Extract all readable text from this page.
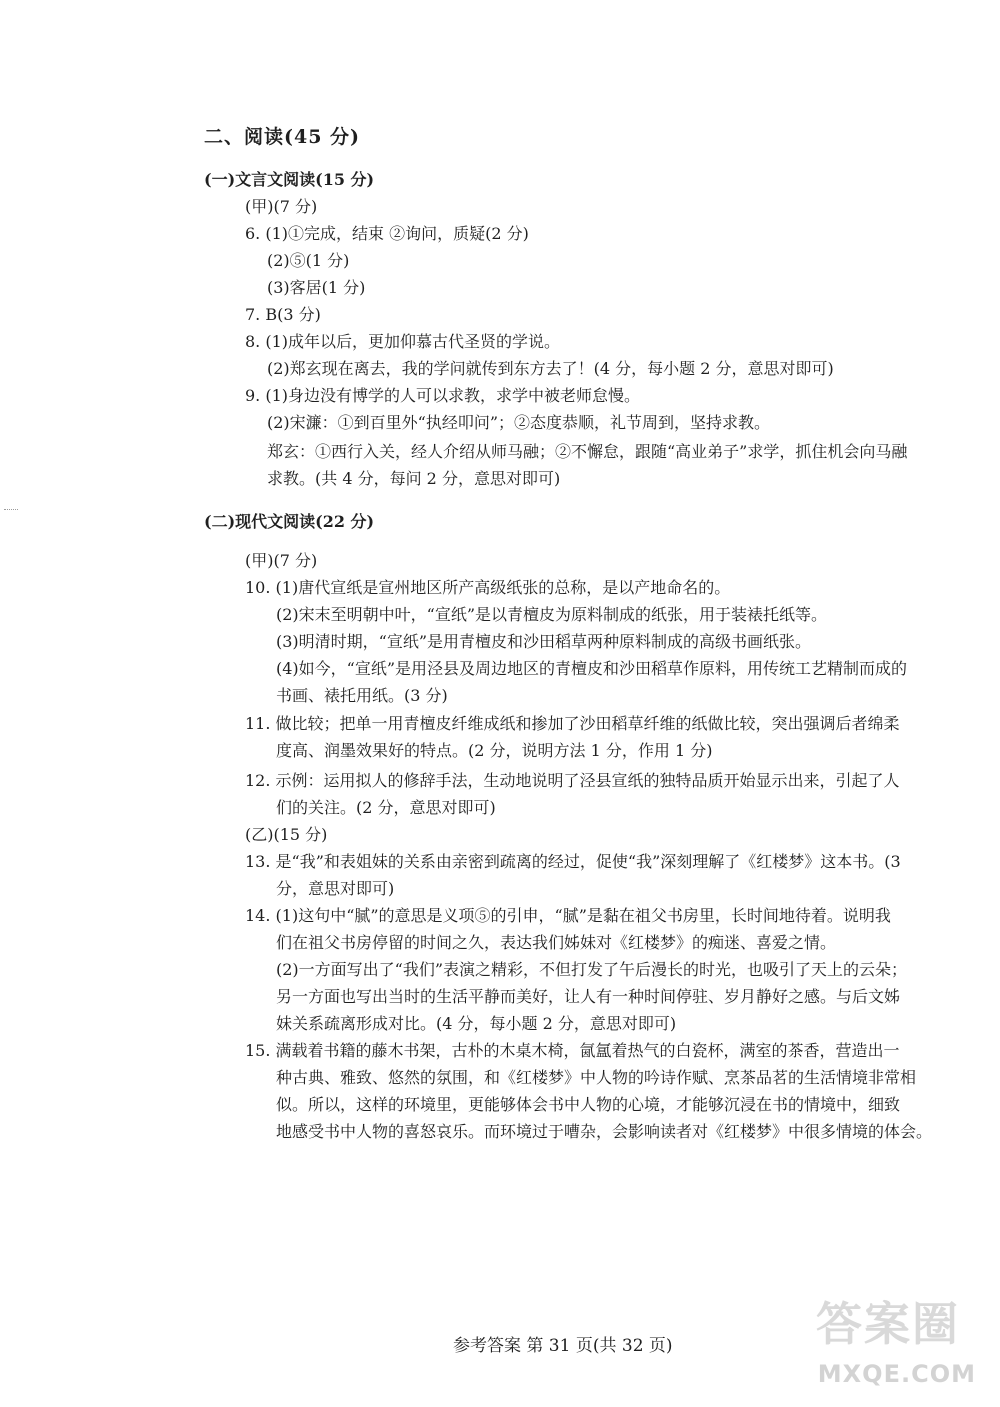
二、阅读(45 分)
(一)文言文阅读(15 分)
(甲)(7 分)
6. (1)①完成，结束 ②询问，质疑(2 分)
(2)⑤(1 分)
(3)客居(1 分)
7. B(3 分)
8. (1)成年以后，更加仰慕古代圣贤的学说。
(2)郑玄现在离去，我的学问就传到东方去了！(4 分，每小题 2 分，意思对即可)
9. (1)身边没有博学的人可以求教，求学中被老师怠慢。
(2)宋濂：①到百里外“执经叩问”；②态度恭顺，礼节周到，坚持求教。
郑玄：①西行入关，经人介绍从师马融；②不懈怠，跟随“高业弟子”求学，抓住机会向马融
求教。(共 4 分，每问 2 分，意思对即可)
(二)现代文阅读(22 分)
(甲)(7 分)
10. (1)唐代宣纸是宣州地区所产高级纸张的总称，是以产地命名的。
(2)宋末至明朝中叶，“宣纸”是以青檀皮为原料制成的纸张，用于装裱托纸等。
(3)明清时期，“宣纸”是用青檀皮和沙田稻草两种原料制成的高级书画纸张。
(4)如今，“宣纸”是用泾县及周边地区的青檀皮和沙田稻草作原料，用传统工艺精制而成的
书画、裱托用纸。(3 分)
11. 做比较；把单一用青檀皮纤维成纸和掺加了沙田稻草纤维的纸做比较，突出强调后者绵柔
度高、润墨效果好的特点。(2 分，说明方法 1 分，作用 1 分)
12. 示例：运用拟人的修辞手法，生动地说明了泾县宣纸的独特品质开始显示出来，引起了人
们的关注。(2 分，意思对即可)
(乙)(15 分)
13. 是“我”和表姐妹的关系由亲密到疏离的经过，促使“我”深刻理解了《红楼梦》这本书。(3
分，意思对即可)
14. (1)这句中“腻”的意思是义项⑤的引申，“腻”是黏在祖父书房里，长时间地待着。说明我
们在祖父书房停留的时间之久，表达我们姊妹对《红楼梦》的痴迷、喜爱之情。
(2)一方面写出了“我们”表演之精彩，不但打发了午后漫长的时光，也吸引了天上的云朵；
另一方面也写出当时的生活平静而美好，让人有一种时间停驻、岁月静好之感。与后文姊
妹关系疏离形成对比。(4 分，每小题 2 分，意思对即可)
15. 满载着书籍的藤木书架，古朴的木桌木椅，氤氲着热气的白瓷杯，满室的茶香，营造出一
种古典、雅致、悠然的氛围，和《红楼梦》中人物的吟诗作赋、烹茶品茗的生活情境非常相
似。所以，这样的环境里，更能够体会书中人物的心境，才能够沉浸在书的情境中，细致
地感受书中人物的喜怒哀乐。而环境过于嘈杂，会影响读者对《红楼梦》中很多情境的体会。
参考答案 第 31 页(共 32 页)	答案圈
MXQE.COM
